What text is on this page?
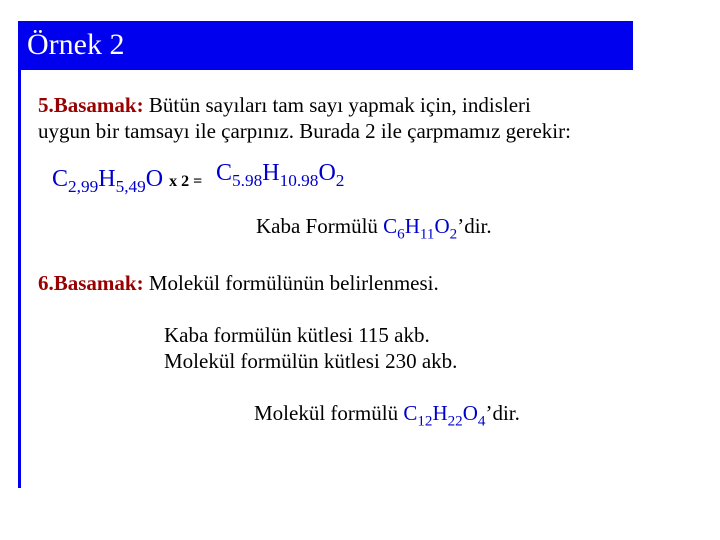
Örnek 2
5.Basamak: Bütün sayıları tam sayı yapmak için, indisleri
uygun bir tamsayı ile çarpınız. Burada 2 ile çarpmamız gerekir:
$C_{2,99}H_{5,49}O$ x $2 = C_{5.98}H_{10.98}O_2$
Kaba Formülü $C_6H_{11}O_2’dir$.
6.Basamak: Molekül formülünün belirlenmesi.
Kaba formülün kütlesi 115 akb.
Molekül formülün kütlesi 230 akb.
Molekül formülü $C_{12}H_{22}O_4’dir$.
